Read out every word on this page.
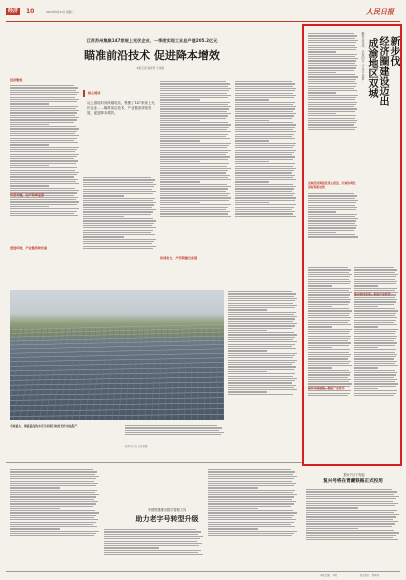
经济	10	2023年6月27日 星期二	人民日报
江苏苏州集聚147家规上光伏企业，一季度实现工业总产值205.2亿元
瞄准前沿技术 促进降本增效
本报记者 姚雪青 王伟健
经济聚焦
攻坚关键，生产效率显著
营造环境，产业链持续完善
核心阅读
从上游硅料到终端电站，集聚了147家规上光伏企业……瞄准前沿技术，产业链条持续发展，促进降本增效。
协同发力，产学研融合发展
全球最大、海拔最高的水光互补项目柯拉光伏电站投产
新华社记者 江宏景摄
截至去年底，已有四万二千多千米里… 成渝地区双城 经济圈建设迈出 新步伐
双城经济圈建设深入推进，区域协调发展取得新成效
推动协同发展，促进产业转型
提升开放能级，推进产业协同
中国铁建推出数字管理工具
助力老字号转型升级
预计7月下旬起
复兴号将在青藏铁路正式投用
本版责编：李明	版式设计：蔡华伟
